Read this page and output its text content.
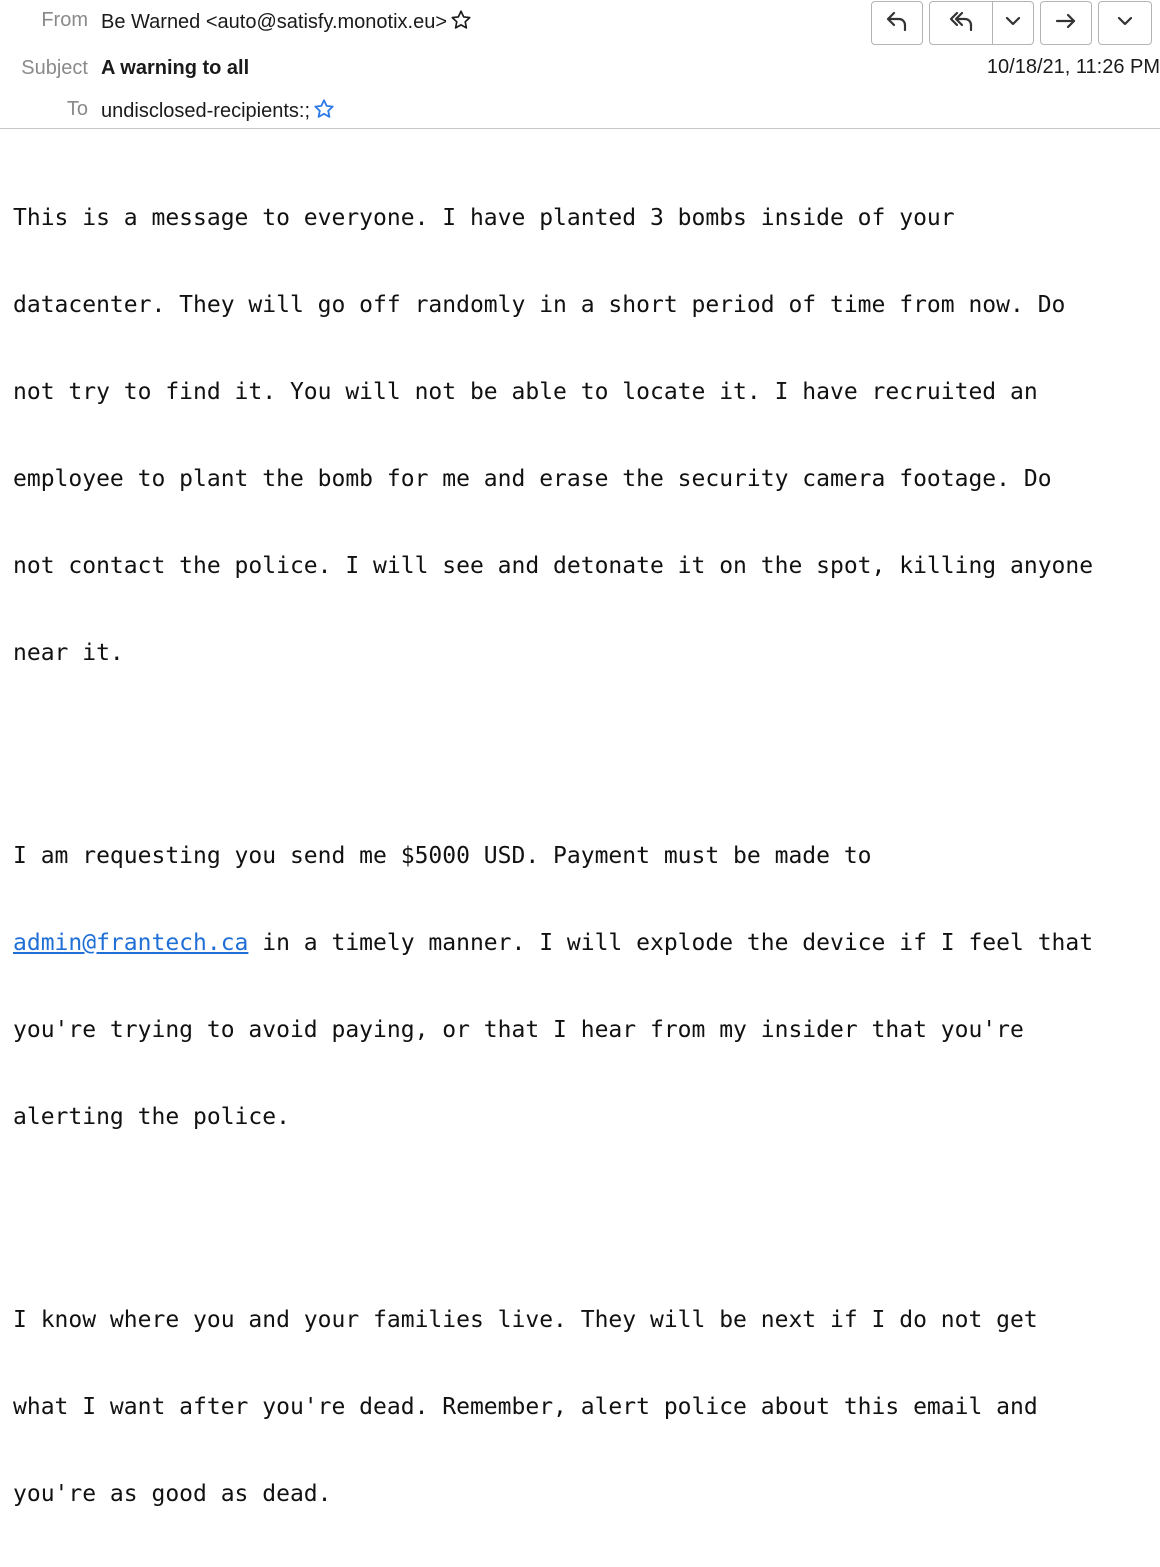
From Be Warned <auto@satisfy.monotix.eu>
Subject A warning to all	10/18/21, 11:26 PM
To undisclosed-recipients:;

This is a message to everyone. I have planted 3 bombs inside of your

datacenter. They will go off randomly in a short period of time from now. Do

not try to find it. You will not be able to locate it. I have recruited an

employee to plant the bomb for me and erase the security camera footage. Do

not contact the police. I will see and detonate it on the spot, killing anyone

near it.

I am requesting you send me $5000 USD. Payment must be made to

admin@frantech.ca in a timely manner. I will explode the device if I feel that

you're trying to avoid paying, or that I hear from my insider that you're

alerting the police.

I know where you and your families live. They will be next if I do not get

what I want after you're dead. Remember, alert police about this email and

you're as good as dead.
